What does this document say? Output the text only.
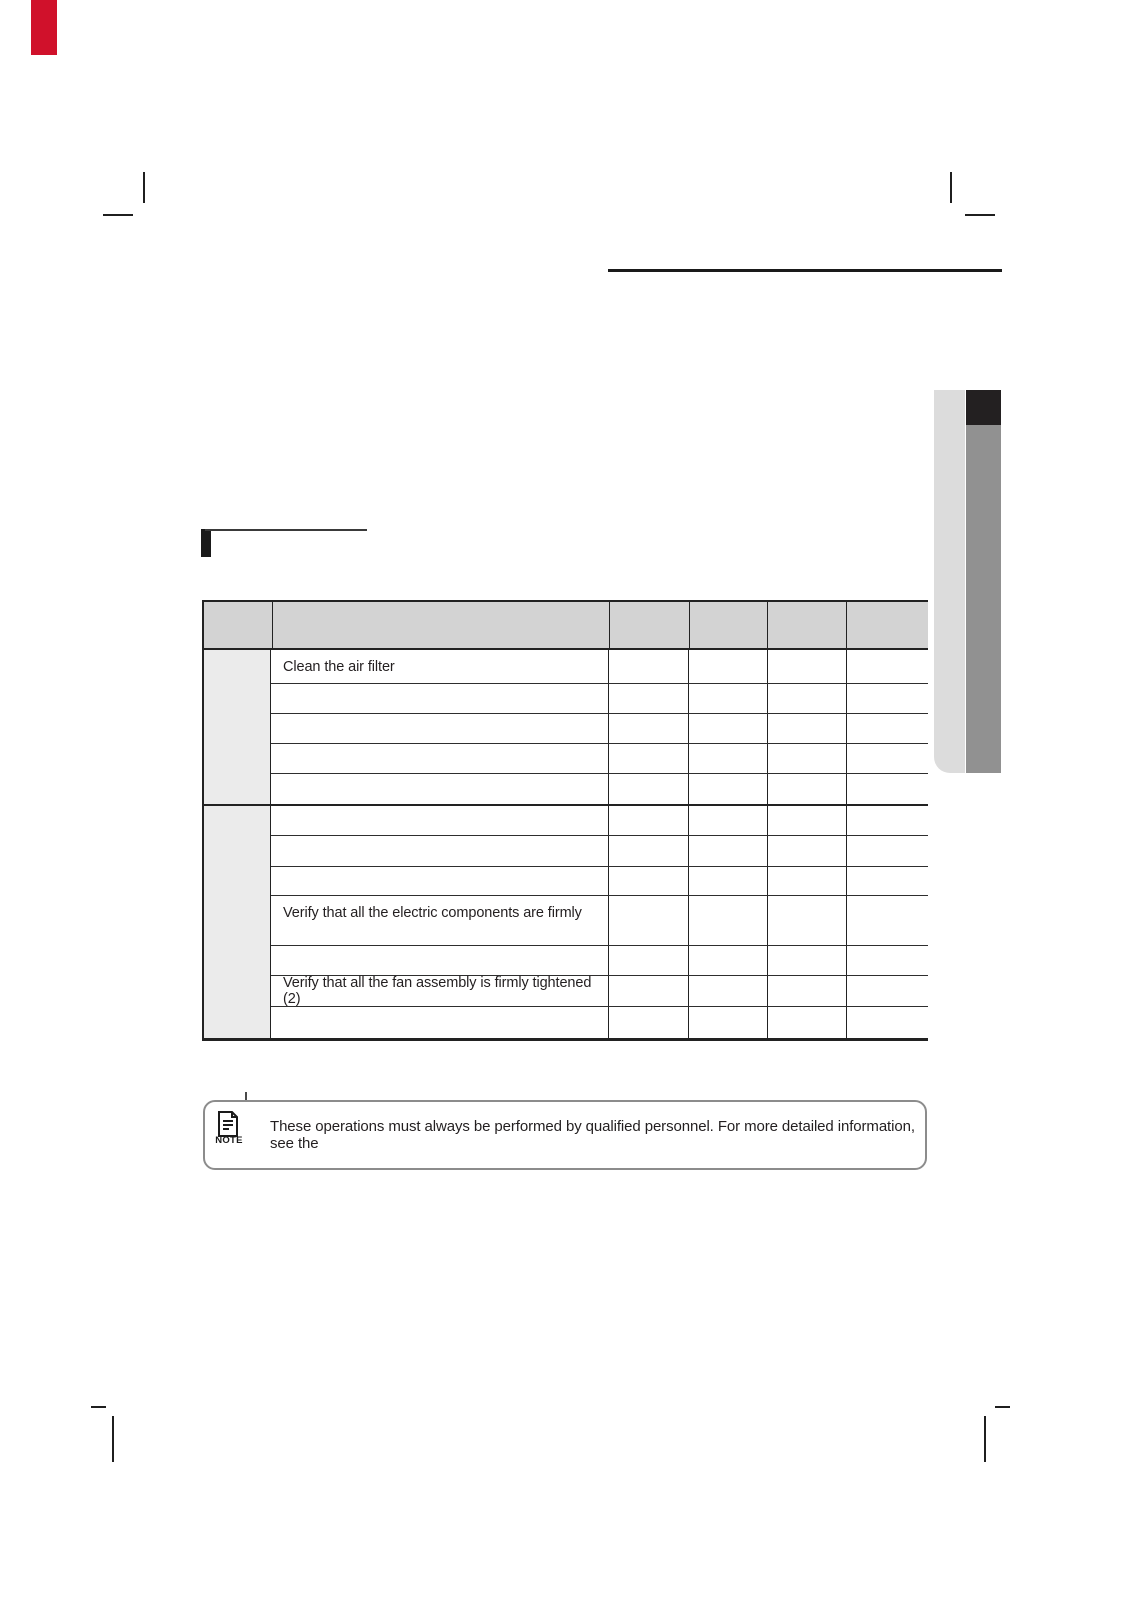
Clean the air filter
Verify that all the electric components are firmly
Verify that all the fan assembly is firmly tightened (2)
NOTE
These operations must always be performed by qualified personnel. For more detailed information, see the
